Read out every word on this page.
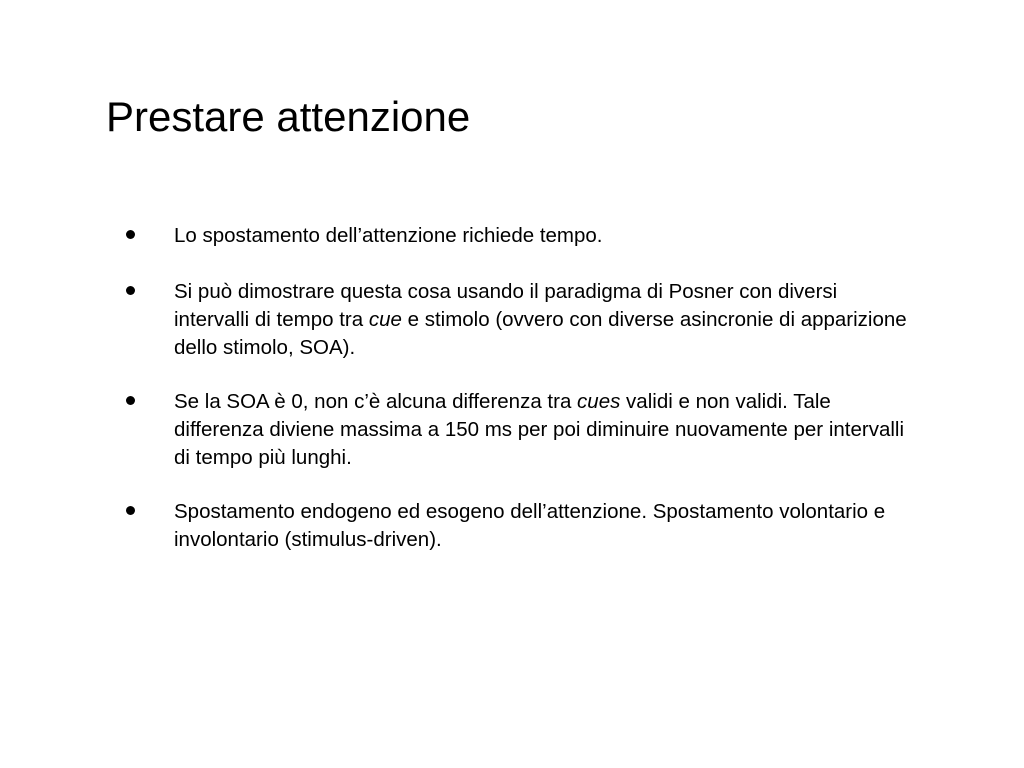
Prestare attenzione
Lo spostamento dell’attenzione richiede tempo.
Si può dimostrare questa cosa usando il paradigma di Posner con diversi intervalli di tempo tra cue e stimolo (ovvero con diverse asincronie di apparizione dello stimolo, SOA).
Se la SOA è 0, non c’è alcuna differenza tra cues validi e non validi. Tale differenza diviene massima a 150 ms per poi diminuire nuovamente per intervalli di tempo più lunghi.
Spostamento endogeno ed esogeno dell’attenzione. Spostamento volontario e involontario (stimulus-driven).
